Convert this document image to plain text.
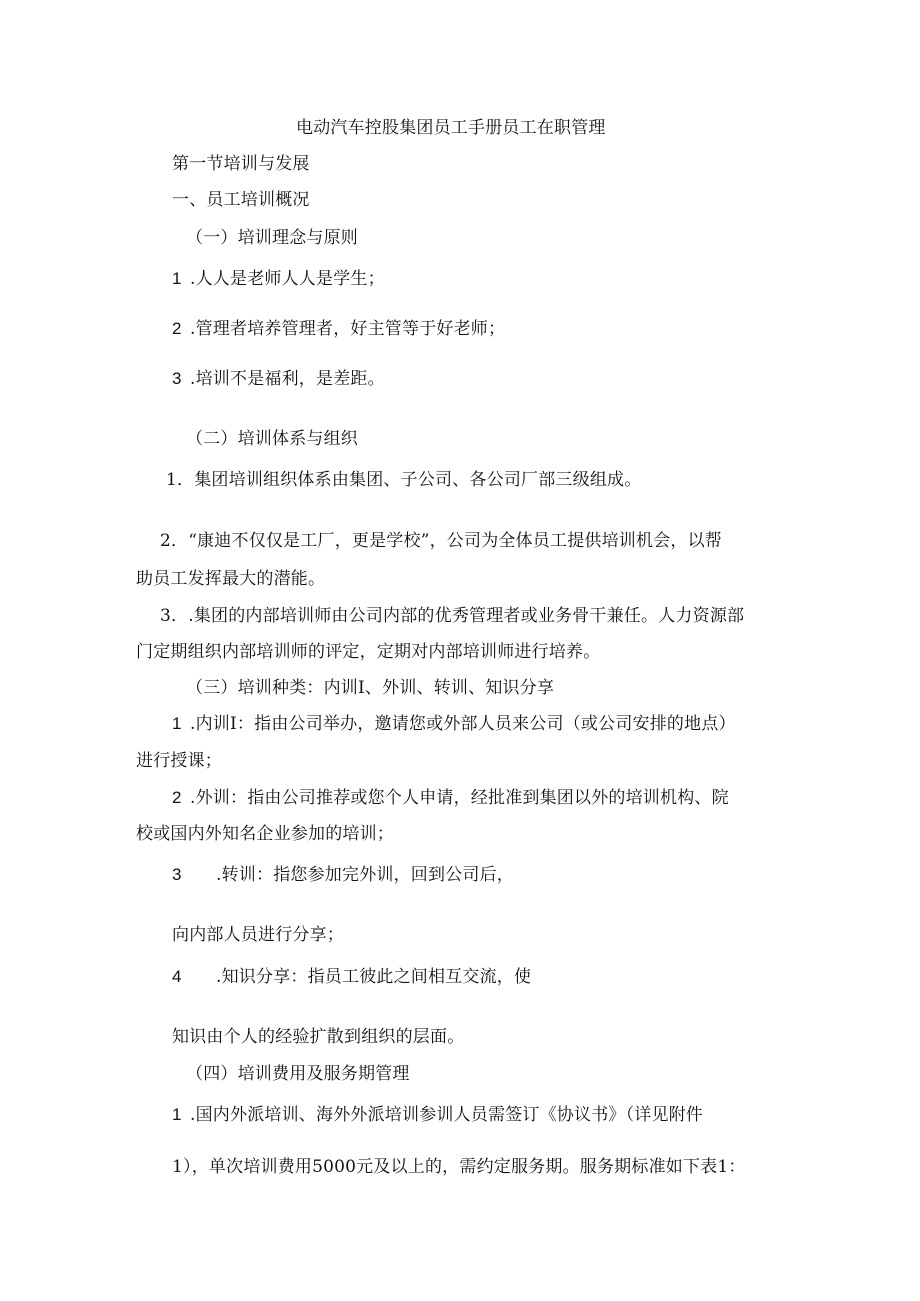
电动汽车控股集团员工手册员工在职管理
第一节培训与发展
一、员工培训概况
（一）培训理念与原则
1 .人人是老师人人是学生；
2 .管理者培养管理者，好主管等于好老师；
3 .培训不是福利，是差距。
（二）培训体系与组织
1．集团培训组织体系由集团、子公司、各公司厂部三级组成。
2．“康迪不仅仅是工厂，更是学校”，公司为全体员工提供培训机会，以帮
助员工发挥最大的潜能。
3．.集团的内部培训师由公司内部的优秀管理者或业务骨干兼任。人力资源部
门定期组织内部培训师的评定，定期对内部培训师进行培养。
（三）培训种类：内训I、外训、转训、知识分享
1 .内训I：指由公司举办，邀请您或外部人员来公司（或公司安排的地点）
进行授课；
2 .外训：指由公司推荐或您个人申请，经批准到集团以外的培训机构、院
校或国内外知名企业参加的培训；
3 .转训：指您参加完外训，回到公司后，
向内部人员进行分享；
4 .知识分享：指员工彼此之间相互交流，使
知识由个人的经验扩散到组织的层面。
（四）培训费用及服务期管理
1 .国内外派培训、海外外派培训参训人员需签订《协议书》（详见附件
1），单次培训费用5000元及以上的，需约定服务期。服务期标准如下表1：
